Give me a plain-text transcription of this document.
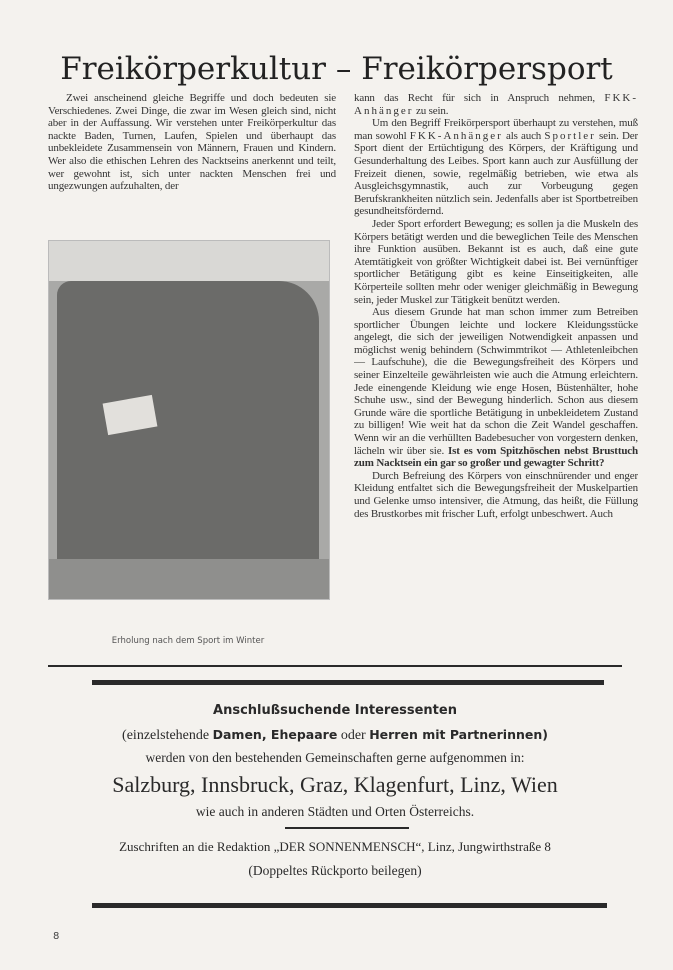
Freikörperkultur – Freikörpersport

Zwei anscheinend gleiche Begriffe und doch bedeuten sie Verschiedenes. Zwei Dinge, die zwar im Wesen gleich sind, nicht aber in der Auffassung. Wir verstehen unter Freikörperkultur das nackte Baden, Turnen, Laufen, Spielen und überhaupt das unbekleidete Zusammensein von Männern, Frauen und Kindern. Wer also die ethischen Lehren des Nacktseins anerkennt und teilt, wer gewohnt ist, sich unter nackten Menschen frei und ungezwungen aufzuhalten, der

Erholung nach dem Sport im Winter

kann das Recht für sich in Anspruch nehmen, FKK-Anhänger zu sein.

Um den Begriff Freikörpersport überhaupt zu verstehen, muß man sowohl FKK-Anhänger als auch Sportler sein. Der Sport dient der Ertüchtigung des Körpers, der Kräftigung und Gesunderhaltung des Leibes. Sport kann auch zur Ausfüllung der Freizeit dienen, sowie, regelmäßig betrieben, wie etwa als Ausgleichsgymnastik, auch zur Vorbeugung gegen Berufskrankheiten nützlich sein. Jedenfalls aber ist Sportbetreiben gesundheitsfördernd.

Jeder Sport erfordert Bewegung; es sollen ja die Muskeln des Körpers betätigt werden und die beweglichen Teile des Menschen ihre Funktion ausüben. Bekannt ist es auch, daß eine gute Atemtätigkeit von größter Wichtigkeit dabei ist. Bei vernünftiger sportlicher Betätigung gibt es keine Einseitigkeiten, alle Körperteile sollten mehr oder weniger gleichmäßig in Bewegung sein, jeder Muskel zur Tätigkeit benützt werden.

Aus diesem Grunde hat man schon immer zum Betreiben sportlicher Übungen leichte und lockere Kleidungsstücke angelegt, die sich der jeweiligen Notwendigkeit anpassen und möglichst wenig behindern (Schwimmtrikot — Athletenleibchen — Laufschuhe), die die Bewegungsfreiheit des Körpers und seiner Einzelteile gewährleisten wie auch die Atmung erleichtern. Jede einengende Kleidung wie enge Hosen, Büstenhälter, hohe Schuhe usw., sind der Bewegung hinderlich. Schon aus diesem Grunde wäre die sportliche Betätigung in unbekleidetem Zustand zu billigen! Wie weit hat da schon die Zeit Wandel geschaffen. Wenn wir an die verhüllten Badebesucher von vorgestern denken, lächeln wir über sie. Ist es vom Spitzhöschen nebst Brusttuch zum Nacktsein ein gar so großer und gewagter Schritt?

Durch Befreiung des Körpers von einschnürender und enger Kleidung entfaltet sich die Bewegungsfreiheit der Muskelpartien und Gelenke umso intensiver, die Atmung, das heißt, die Füllung des Brustkorbes mit frischer Luft, erfolgt unbeschwert. Auch

Anschlußsuchende Interessenten
(einzelstehende Damen, Ehepaare oder Herren mit Partnerinnen)
werden von den bestehenden Gemeinschaften gerne aufgenommen in:
Salzburg, Innsbruck, Graz, Klagenfurt, Linz, Wien
wie auch in anderen Städten und Orten Österreichs.
Zuschriften an die Redaktion „DER SONNENMENSCH“, Linz, Jungwirthstraße 8
(Doppeltes Rückporto beilegen)
8
